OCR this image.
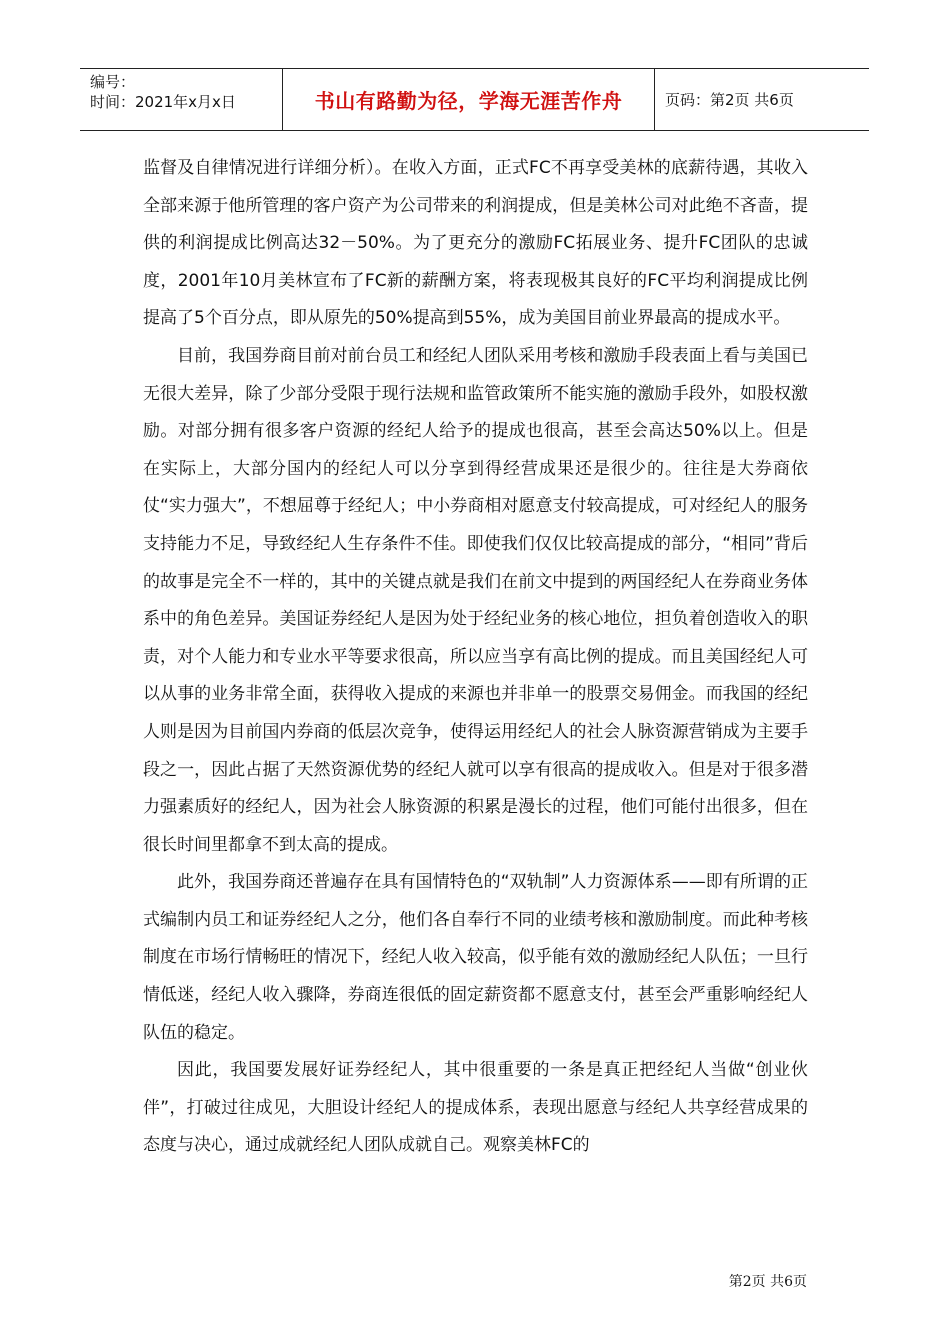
编号：
时间：2021年x月x日	书山有路勤为径，学海无涯苦作舟	页码：第2页 共6页

监督及自律情况进行详细分析）。在收入方面，正式FC不再享受美林的底薪待遇，其收入全部来源于他所管理的客户资产为公司带来的利润提成，但是美林公司对此绝不吝啬，提供的利润提成比例高达32－50%。为了更充分的激励FC拓展业务、提升FC团队的忠诚度，2001年10月美林宣布了FC新的薪酬方案，将表现极其良好的FC平均利润提成比例提高了5个百分点，即从原先的50%提高到55%，成为美国目前业界最高的提成水平。

目前，我国券商目前对前台员工和经纪人团队采用考核和激励手段表面上看与美国已无很大差异，除了少部分受限于现行法规和监管政策所不能实施的激励手段外，如股权激励。对部分拥有很多客户资源的经纪人给予的提成也很高，甚至会高达50%以上。但是在实际上，大部分国内的经纪人可以分享到得经营成果还是很少的。往往是大券商依仗“实力强大”，不想屈尊于经纪人；中小券商相对愿意支付较高提成，可对经纪人的服务支持能力不足，导致经纪人生存条件不佳。即使我们仅仅比较高提成的部分，“相同”背后的故事是完全不一样的，其中的关键点就是我们在前文中提到的两国经纪人在券商业务体系中的角色差异。美国证券经纪人是因为处于经纪业务的核心地位，担负着创造收入的职责，对个人能力和专业水平等要求很高，所以应当享有高比例的提成。而且美国经纪人可以从事的业务非常全面，获得收入提成的来源也并非单一的股票交易佣金。而我国的经纪人则是因为目前国内券商的低层次竞争，使得运用经纪人的社会人脉资源营销成为主要手段之一，因此占据了天然资源优势的经纪人就可以享有很高的提成收入。但是对于很多潜力强素质好的经纪人，因为社会人脉资源的积累是漫长的过程，他们可能付出很多，但在很长时间里都拿不到太高的提成。

此外，我国券商还普遍存在具有国情特色的“双轨制”人力资源体系——即有所谓的正式编制内员工和证券经纪人之分，他们各自奉行不同的业绩考核和激励制度。而此种考核制度在市场行情畅旺的情况下，经纪人收入较高，似乎能有效的激励经纪人队伍；一旦行情低迷，经纪人收入骤降，券商连很低的固定薪资都不愿意支付，甚至会严重影响经纪人队伍的稳定。

因此，我国要发展好证券经纪人，其中很重要的一条是真正把经纪人当做“创业伙伴”，打破过往成见，大胆设计经纪人的提成体系，表现出愿意与经纪人共享经营成果的态度与决心，通过成就经纪人团队成就自己。观察美林FC的

第2页 共6页
